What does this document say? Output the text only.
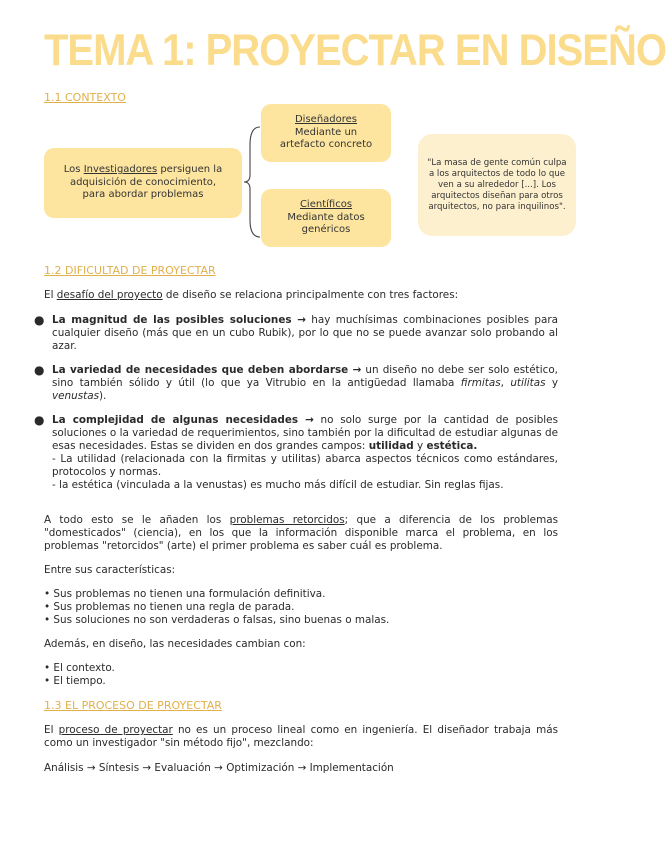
TEMA 1: PROYECTAR EN DISEÑO
1.1 CONTEXTO
Los Investigadores persiguen la
adquisición de conocimiento,
para abordar problemas
Diseñadores
Mediante un
artefacto concreto
Científicos
Mediante datos
genéricos
"La masa de gente común culpa a los arquitectos de todo lo que ven a su alrededor [...]. Los arquitectos diseñan para otros arquitectos, no para inquilinos".
1.2 DIFICULTAD DE PROYECTAR
El desafío del proyecto de diseño se relaciona principalmente con tres factores:
● La magnitud de las posibles soluciones → hay muchísimas combinaciones posibles para cualquier diseño (más que en un cubo Rubik), por lo que no se puede avanzar solo probando al azar.
● La variedad de necesidades que deben abordarse → un diseño no debe ser solo estético, sino también sólido y útil (lo que ya Vitrubio en la antigüedad llamaba firmitas, utilitas y venustas).
● La complejidad de algunas necesidades → no solo surge por la cantidad de posibles soluciones o la variedad de requerimientos, sino también por la dificultad de estudiar algunas de esas necesidades. Estas se dividen en dos grandes campos: utilidad y estética.
- La utilidad (relacionada con la firmitas y utilitas) abarca aspectos técnicos como estándares, protocolos y normas.
- la estética (vinculada a la venustas) es mucho más difícil de estudiar. Sin reglas fijas.
A todo esto se le añaden los problemas retorcidos; que a diferencia de los problemas "domesticados" (ciencia), en los que la información disponible marca el problema, en los problemas "retorcidos" (arte) el primer problema es saber cuál es problema.
Entre sus características:
• Sus problemas no tienen una formulación definitiva.
• Sus problemas no tienen una regla de parada.
• Sus soluciones no son verdaderas o falsas, sino buenas o malas.
Además, en diseño, las necesidades cambian con:
• El contexto.
• El tiempo.
1.3 EL PROCESO DE PROYECTAR
El proceso de proyectar no es un proceso lineal como en ingeniería. El diseñador trabaja más como un investigador "sin método fijo", mezclando:
Análisis → Síntesis → Evaluación → Optimización → Implementación
